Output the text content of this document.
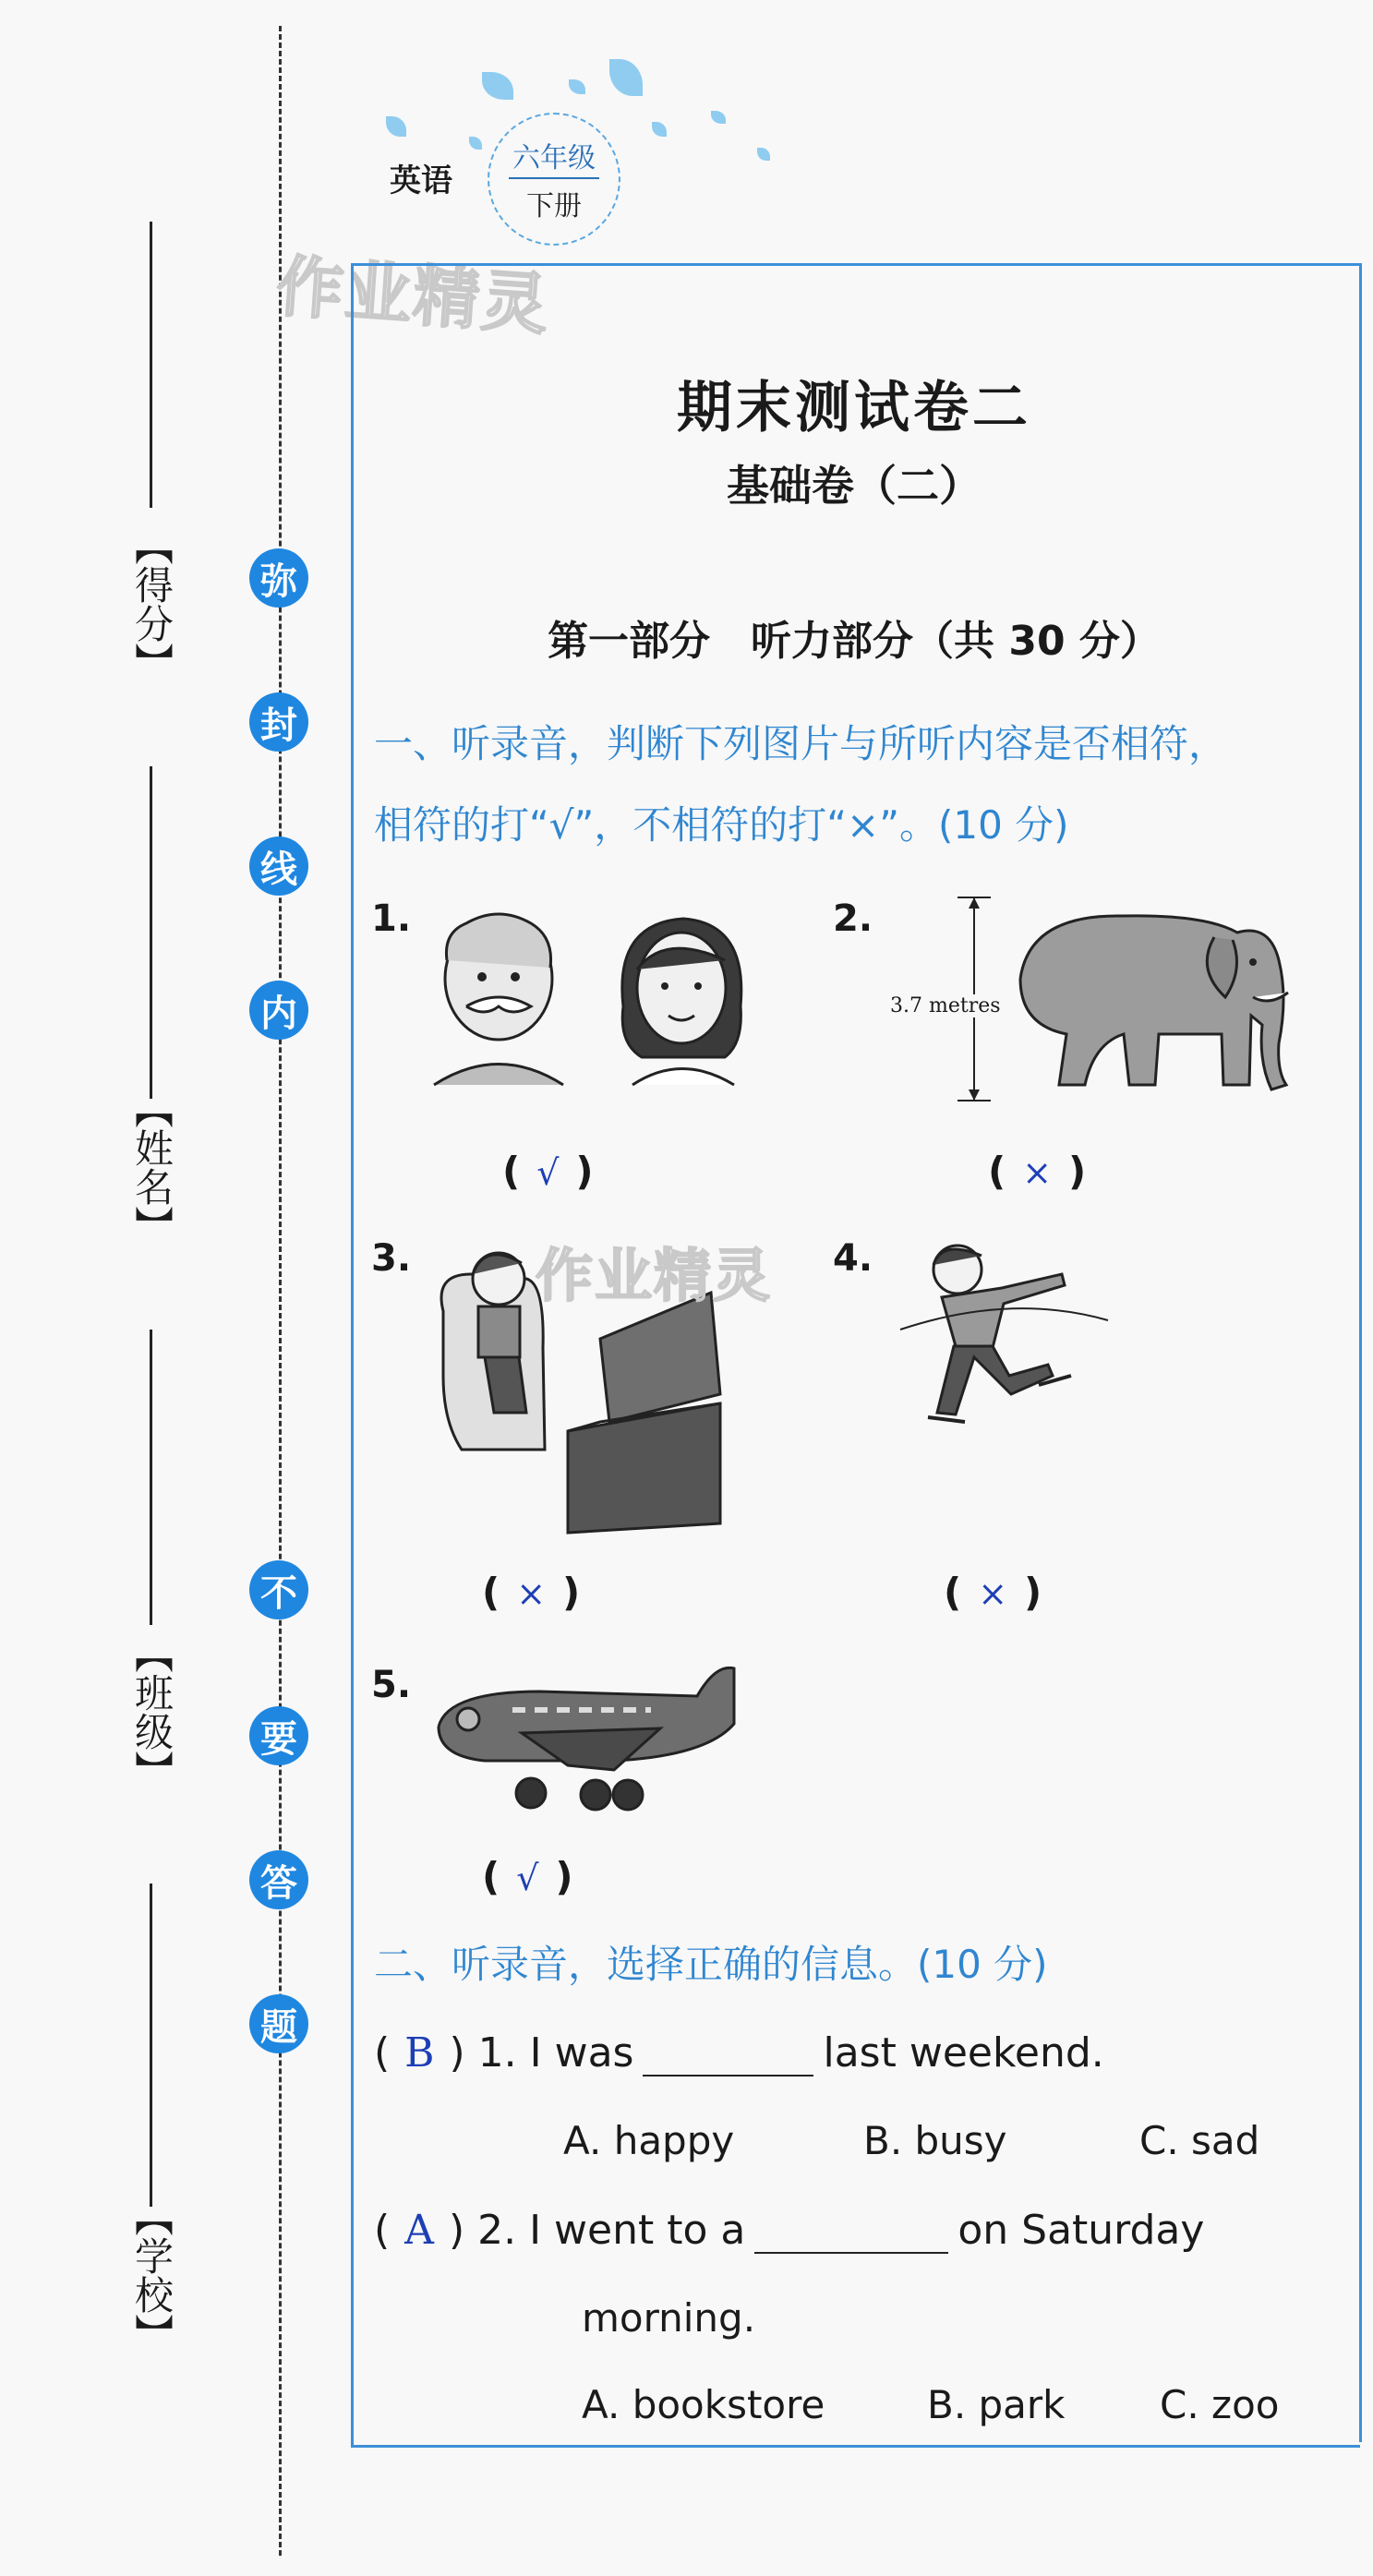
【得分】
【姓名】
【班级】
【学校】
弥
封
线
内
不
要
答
题
英语
六年级
下册
作业精灵
期末测试卷二
基础卷（二）
第一部分　听力部分（共 30 分）
一、听录音，判断下列图片与所听内容是否相符，
相符的打“√”，不相符的打“×”。(10 分)
1.
( √ )
2.
3.7 metres
( × )
3. 作业精灵
( × )
4.
( × )
5.
( √ )
二、听录音，选择正确的信息。(10 分)
( B ) 1. I was	last weekend.
A. happy	B. busy	C. sad
( A ) 2. I went to a	on Saturday
morning.
A. bookstore	B. park C. zoo
